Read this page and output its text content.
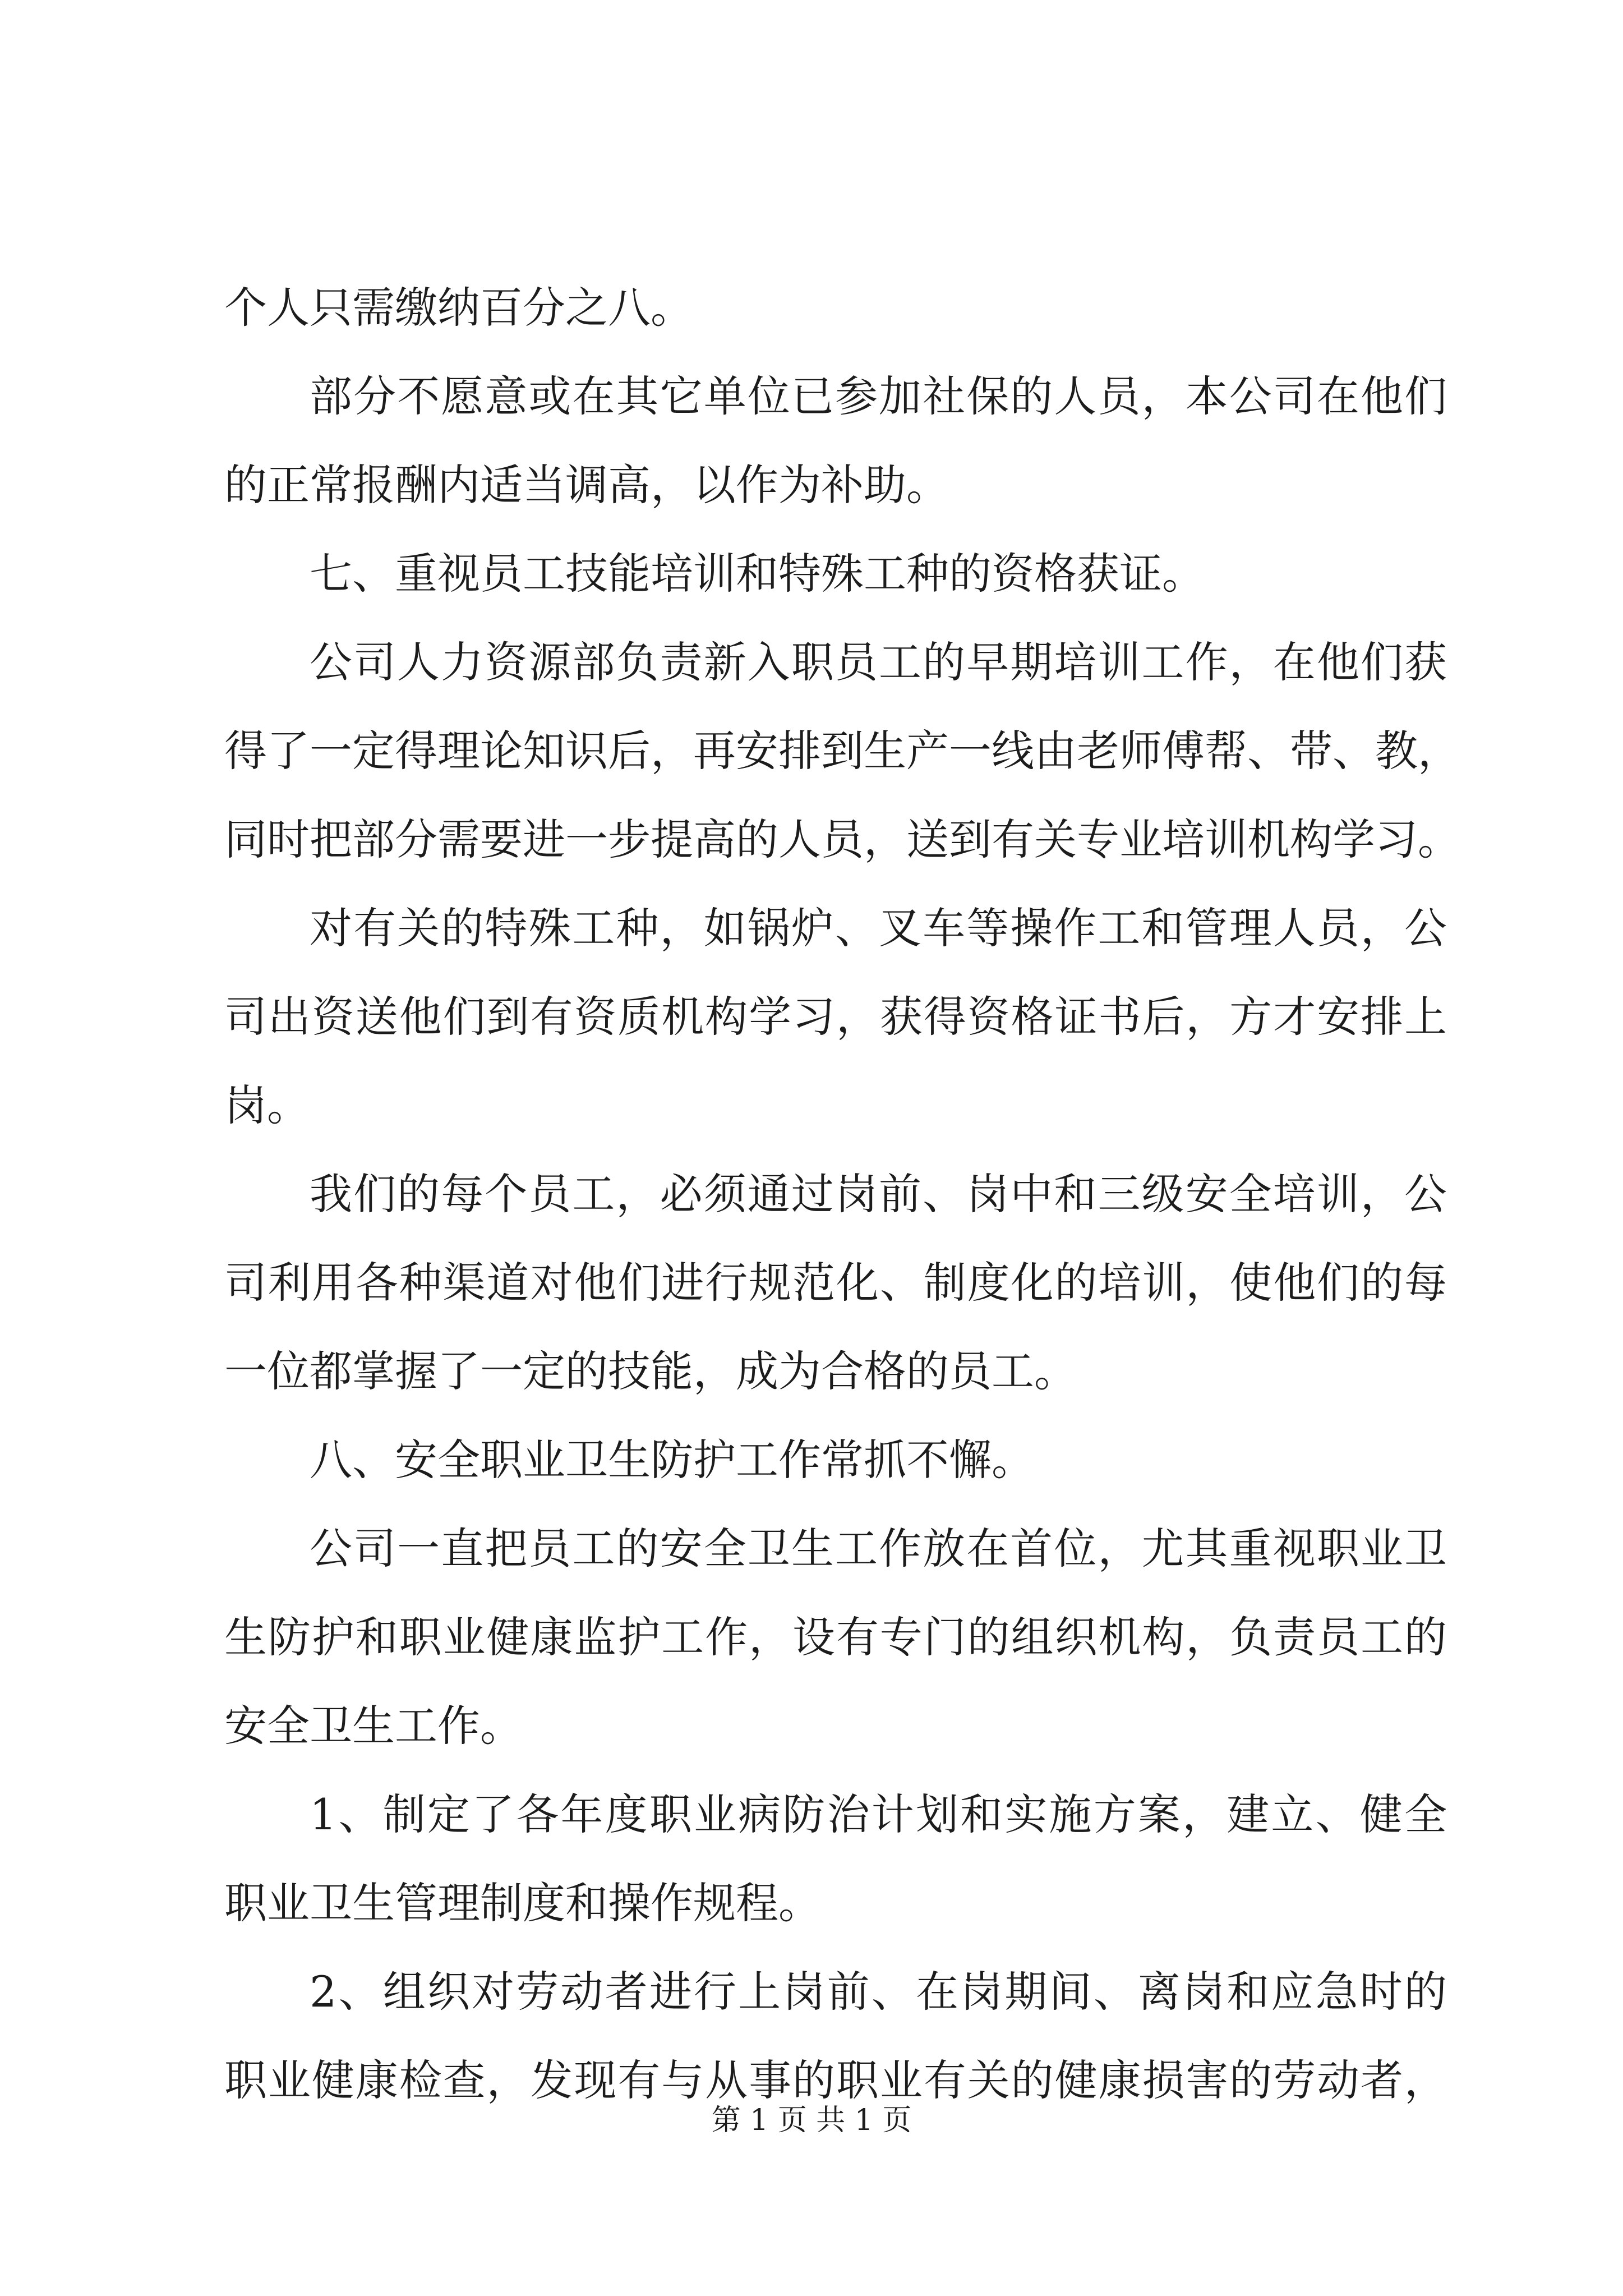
个人只需缴纳百分之八。
部分不愿意或在其它单位已参加社保的人员，本公司在他们
的正常报酬内适当调高，以作为补助。
七、重视员工技能培训和特殊工种的资格获证。
公司人力资源部负责新入职员工的早期培训工作，在他们获
得了一定得理论知识后，再安排到生产一线由老师傅帮、带、教，
同时把部分需要进一步提高的人员，送到有关专业培训机构学习。
对有关的特殊工种，如锅炉、叉车等操作工和管理人员，公
司出资送他们到有资质机构学习，获得资格证书后，方才安排上
岗。
我们的每个员工，必须通过岗前、岗中和三级安全培训，公
司利用各种渠道对他们进行规范化、制度化的培训，使他们的每
一位都掌握了一定的技能，成为合格的员工。
八、安全职业卫生防护工作常抓不懈。
公司一直把员工的安全卫生工作放在首位，尤其重视职业卫
生防护和职业健康监护工作，设有专门的组织机构，负责员工的
安全卫生工作。
1、制定了各年度职业病防治计划和实施方案，建立、健全
职业卫生管理制度和操作规程。
2、组织对劳动者进行上岗前、在岗期间、离岗和应急时的
职业健康检查，发现有与从事的职业有关的健康损害的劳动者，
第 1 页 共 1 页
